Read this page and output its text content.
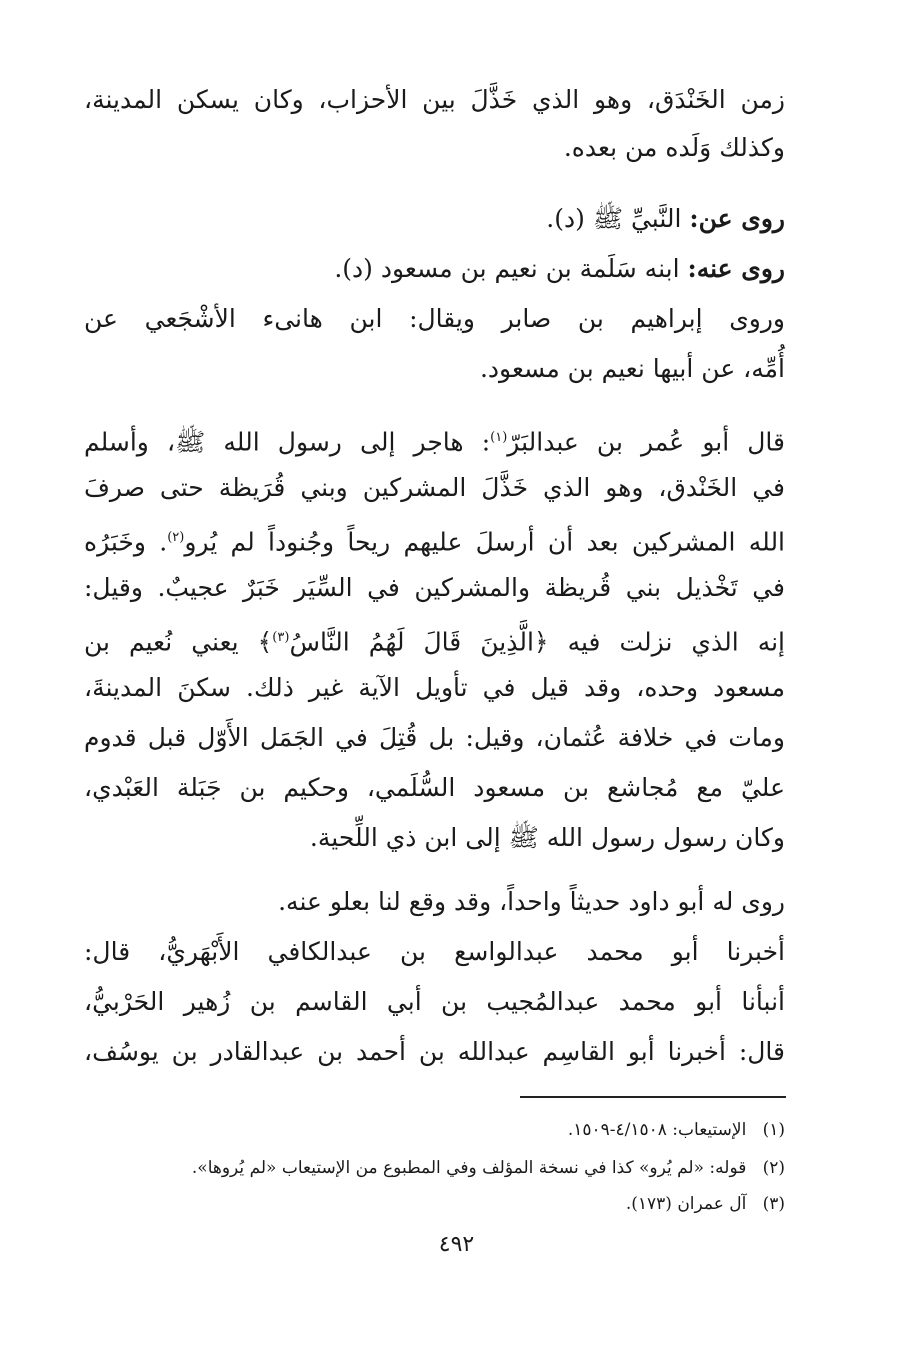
زمن الخَنْدَق، وهو الذي خَذَّلَ بين الأحزاب، وكان يسكن المدينة،
وكذلك وَلَده من بعده.
روى عن: النَّبيِّ ﷺ (د).
روى عنه: ابنه سَلَمة بن نعيم بن مسعود (د).
وروى إبراهيم بن صابر ويقال: ابن هانىء الأشْجَعي عن
أُمِّه، عن أبيها نعيم بن مسعود.
قال أبو عُمر بن عبدالبَرّ$^{(١)}$: هاجر إلى رسول الله ﷺ، وأسلم
في الخَنْدق، وهو الذي خَذَّلَ المشركين وبني قُرَيظة حتى صرفَ
الله المشركين بعد أن أرسلَ عليهم ريحاً وجُنوداً لم يُرو$^{(٢)}$. وخَبَرُه
في تَخْذيل بني قُريظة والمشركين في السِّيَر خَبَرٌ عجيبٌ. وقيل:
إنه الذي نزلت فيه ﴿الَّذِينَ قَالَ لَهُمُ النَّاسُ$^{(٣)}$﴾ يعني نُعيم بن
مسعود وحده، وقد قيل في تأويل الآية غير ذلك. سكنَ المدينةَ،
ومات في خلافة عُثمان، وقيل: بل قُتِلَ في الجَمَل الأَوّل قبل قدوم
عليّ مع مُجاشع بن مسعود السُّلَمي، وحكيم بن جَبَلة العَبْدي،
وكان رسول رسول الله ﷺ إلى ابن ذي اللِّحية.
روى له أبو داود حديثاً واحداً، وقد وقع لنا بعلو عنه.
أخبرنا أبو محمد عبدالواسع بن عبدالكافي الأَبْهَريُّ، قال:
أنبأنا أبو محمد عبدالمُجيب بن أبي القاسم بن زُهير الحَرْبيُّ،
قال: أخبرنا أبو القاسِم عبدالله بن أحمد بن عبدالقادر بن يوسُف،
(١)   الإستيعاب: ٤/١٥٠٨-١٥٠٩.
(٢)   قوله: «لم يُرو» كذا في نسخة المؤلف وفي المطبوع من الإستيعاب «لم يُروها».
(٣)   آل عمران (١٧٣).
٤٩٢
